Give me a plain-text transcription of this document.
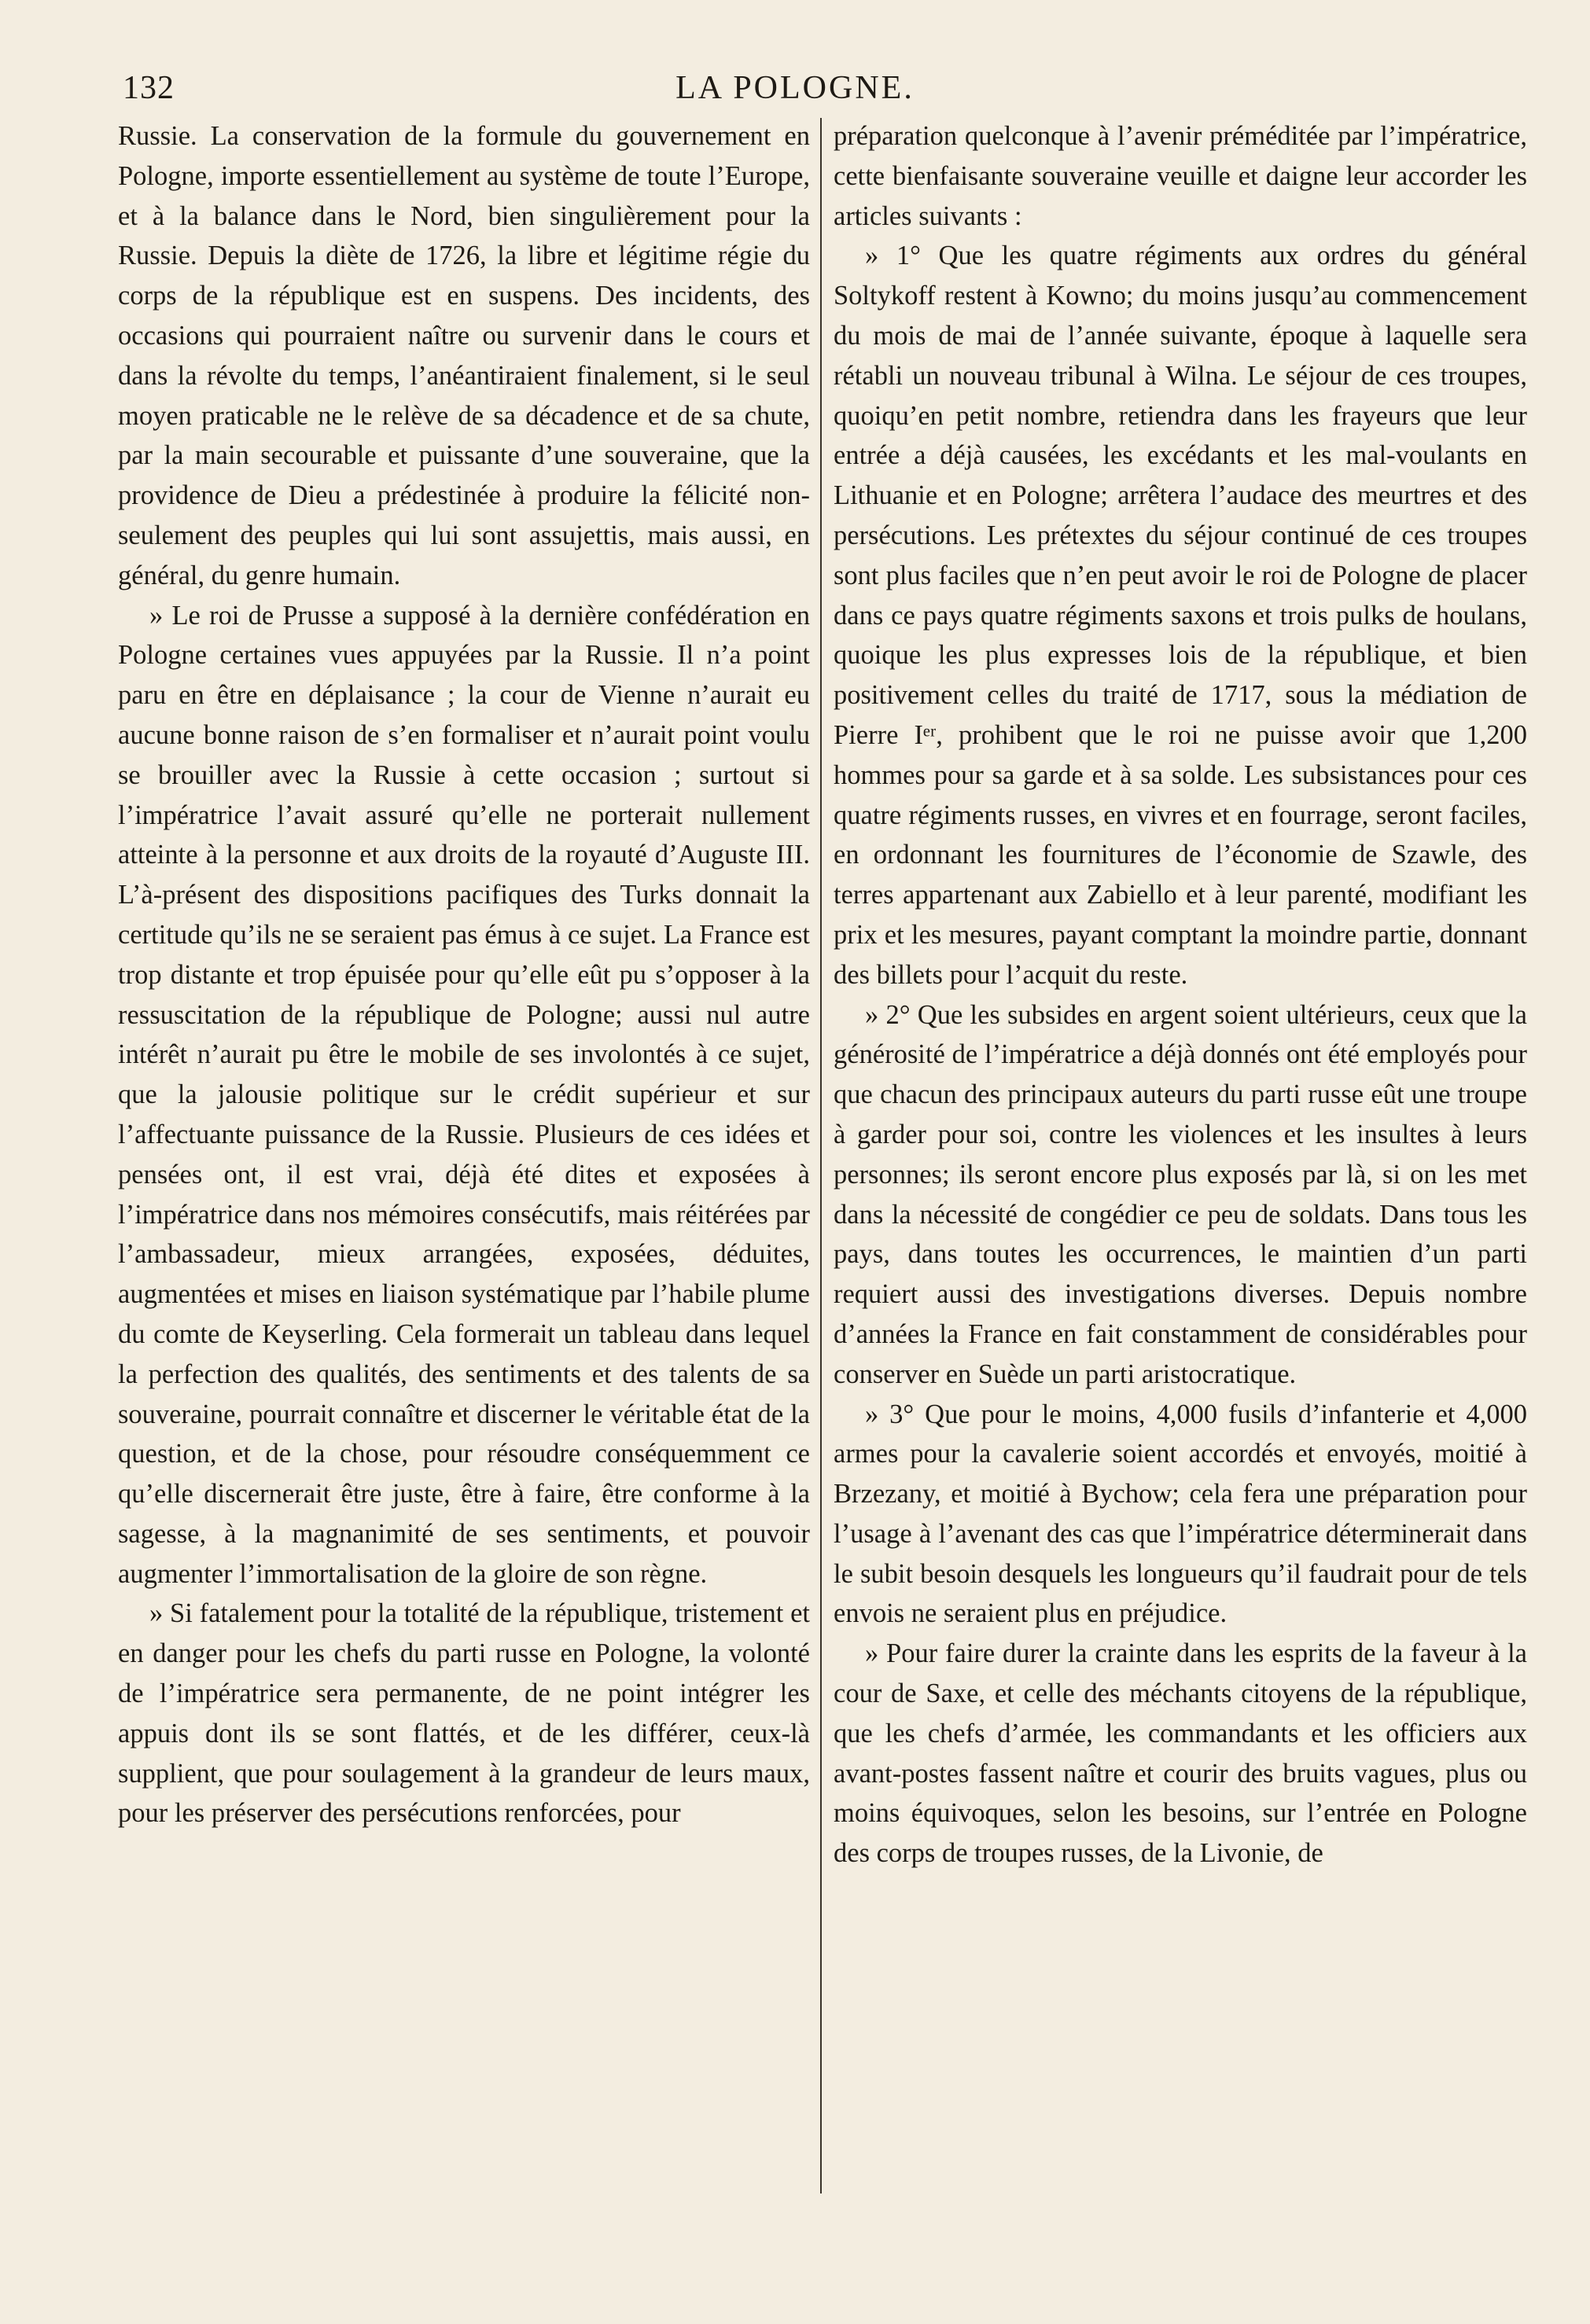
132	LA POLOGNE.

Russie. La conservation de la formule du gouvernement en Pologne, importe essentiellement au système de toute l’Europe, et à la balance dans le Nord, bien singulièrement pour la Russie. Depuis la diète de 1726, la libre et légitime régie du corps de la république est en suspens. Des incidents, des occasions qui pourraient naître ou survenir dans le cours et dans la révolte du temps, l’anéantiraient finalement, si le seul moyen praticable ne le relève de sa décadence et de sa chute, par la main secourable et puissante d’une souveraine, que la providence de Dieu a prédestinée à produire la félicité non-seulement des peuples qui lui sont assujettis, mais aussi, en général, du genre humain.

» Le roi de Prusse a supposé à la dernière confédération en Pologne certaines vues appuyées par la Russie. Il n’a point paru en être en déplaisance ; la cour de Vienne n’aurait eu aucune bonne raison de s’en formaliser et n’aurait point voulu se brouiller avec la Russie à cette occasion ; surtout si l’impératrice l’avait assuré qu’elle ne porterait nullement atteinte à la personne et aux droits de la royauté d’Auguste III. L’à-présent des dispositions pacifiques des Turks donnait la certitude qu’ils ne se seraient pas émus à ce sujet. La France est trop distante et trop épuisée pour qu’elle eût pu s’opposer à la ressuscitation de la république de Pologne; aussi nul autre intérêt n’aurait pu être le mobile de ses involontés à ce sujet, que la jalousie politique sur le crédit supérieur et sur l’affectuante puissance de la Russie. Plusieurs de ces idées et pensées ont, il est vrai, déjà été dites et exposées à l’impératrice dans nos mémoires consécutifs, mais réitérées par l’ambassadeur, mieux arrangées, exposées, déduites, augmentées et mises en liaison systématique par l’habile plume du comte de Keyserling. Cela formerait un tableau dans lequel la perfection des qualités, des sentiments et des talents de sa souveraine, pourrait connaître et discerner le véritable état de la question, et de la chose, pour résoudre conséquemment ce qu’elle discernerait être juste, être à faire, être conforme à la sagesse, à la magnanimité de ses sentiments, et pouvoir augmenter l’immortalisation de la gloire de son règne.

» Si fatalement pour la totalité de la république, tristement et en danger pour les chefs du parti russe en Pologne, la volonté de l’impératrice sera permanente, de ne point intégrer les appuis dont ils se sont flattés, et de les différer, ceux-là supplient, que pour soulagement à la grandeur de leurs maux, pour les préserver des persécutions renforcées, pour

préparation quelconque à l’avenir préméditée par l’impératrice, cette bienfaisante souveraine veuille et daigne leur accorder les articles suivants :

» 1° Que les quatre régiments aux ordres du général Soltykoff restent à Kowno; du moins jusqu’au commencement du mois de mai de l’année suivante, époque à laquelle sera rétabli un nouveau tribunal à Wilna. Le séjour de ces troupes, quoiqu’en petit nombre, retiendra dans les frayeurs que leur entrée a déjà causées, les excédants et les mal-voulants en Lithuanie et en Pologne; arrêtera l’audace des meurtres et des persécutions. Les prétextes du séjour continué de ces troupes sont plus faciles que n’en peut avoir le roi de Pologne de placer dans ce pays quatre régiments saxons et trois pulks de houlans, quoique les plus expresses lois de la république, et bien positivement celles du traité de 1717, sous la médiation de Pierre Iᵉʳ, prohibent que le roi ne puisse avoir que 1,200 hommes pour sa garde et à sa solde. Les subsistances pour ces quatre régiments russes, en vivres et en fourrage, seront faciles, en ordonnant les fournitures de l’économie de Szawle, des terres appartenant aux Zabiello et à leur parenté, modifiant les prix et les mesures, payant comptant la moindre partie, donnant des billets pour l’acquit du reste.

» 2° Que les subsides en argent soient ultérieurs, ceux que la générosité de l’impératrice a déjà donnés ont été employés pour que chacun des principaux auteurs du parti russe eût une troupe à garder pour soi, contre les violences et les insultes à leurs personnes; ils seront encore plus exposés par là, si on les met dans la nécessité de congédier ce peu de soldats. Dans tous les pays, dans toutes les occurrences, le maintien d’un parti requiert aussi des investigations diverses. Depuis nombre d’années la France en fait constamment de considérables pour conserver en Suède un parti aristocratique.

» 3° Que pour le moins, 4,000 fusils d’infanterie et 4,000 armes pour la cavalerie soient accordés et envoyés, moitié à Brzezany, et moitié à Bychow; cela fera une préparation pour l’usage à l’avenant des cas que l’impératrice déterminerait dans le subit besoin desquels les longueurs qu’il faudrait pour de tels envois ne seraient plus en préjudice.

» Pour faire durer la crainte dans les esprits de la faveur à la cour de Saxe, et celle des méchants citoyens de la république, que les chefs d’armée, les commandants et les officiers aux avant-postes fassent naître et courir des bruits vagues, plus ou moins équivoques, selon les besoins, sur l’entrée en Pologne des corps de troupes russes, de la Livonie, de
